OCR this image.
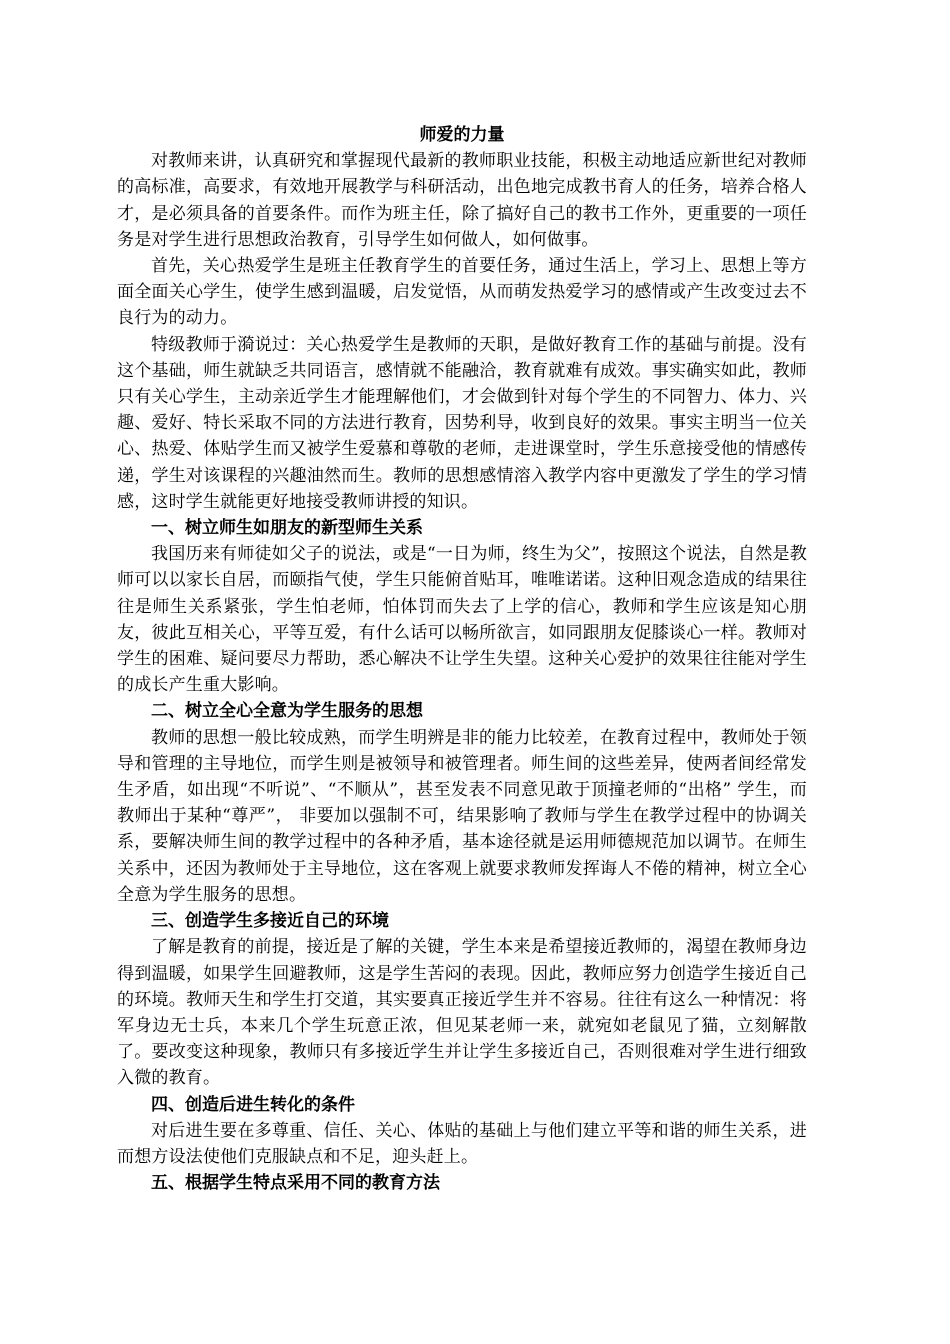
师爱的力量

对教师来讲，认真研究和掌握现代最新的教师职业技能，积极主动地适应新世纪对教师的高标准，高要求，有效地开展教学与科研活动，出色地完成教书育人的任务，培养合格人才，是必须具备的首要条件。而作为班主任，除了搞好自己的教书工作外，更重要的一项任务是对学生进行思想政治教育，引导学生如何做人，如何做事。

首先，关心热爱学生是班主任教育学生的首要任务，通过生活上，学习上、思想上等方面全面关心学生，使学生感到温暖，启发觉悟，从而萌发热爱学习的感情或产生改变过去不良行为的动力。

特级教师于漪说过：关心热爱学生是教师的天职，是做好教育工作的基础与前提。没有这个基础，师生就缺乏共同语言，感情就不能融洽，教育就难有成效。事实确实如此，教师只有关心学生，主动亲近学生才能理解他们，才会做到针对每个学生的不同智力、体力、兴趣、爱好、特长采取不同的方法进行教育，因势利导，收到良好的效果。事实主明当一位关心、热爱、体贴学生而又被学生爱慕和尊敬的老师，走进课堂时，学生乐意接受他的情感传递，学生对该课程的兴趣油然而生。教师的思想感情溶入教学内容中更激发了学生的学习情感，这时学生就能更好地接受教师讲授的知识。

一、树立师生如朋友的新型师生关系

我国历来有师徒如父子的说法，或是“一日为师，终生为父”，按照这个说法，自然是教师可以以家长自居，而颐指气使，学生只能俯首贴耳，唯唯诺诺。这种旧观念造成的结果往往是师生关系紧张，学生怕老师，怕体罚而失去了上学的信心，教师和学生应该是知心朋友，彼此互相关心，平等互爱，有什么话可以畅所欲言，如同跟朋友促膝谈心一样。教师对学生的困难、疑问要尽力帮助，悉心解决不让学生失望。这种关心爱护的效果往往能对学生的成长产生重大影响。

二、树立全心全意为学生服务的思想

教师的思想一般比较成熟，而学生明辨是非的能力比较差，在教育过程中，教师处于领导和管理的主导地位，而学生则是被领导和被管理者。师生间的这些差异，使两者间经常发生矛盾，如出现“不听说”、“不顺从”，甚至发表不同意见敢于顶撞老师的“出格” 学生，而教师出于某种“尊严”， 非要加以强制不可，结果影响了教师与学生在教学过程中的协调关系，要解决师生间的教学过程中的各种矛盾，基本途径就是运用师德规范加以调节。在师生关系中，还因为教师处于主导地位，这在客观上就要求教师发挥诲人不倦的精神，树立全心全意为学生服务的思想。

三、创造学生多接近自己的环境

了解是教育的前提，接近是了解的关键，学生本来是希望接近教师的，渴望在教师身边得到温暖，如果学生回避教师，这是学生苦闷的表现。因此，教师应努力创造学生接近自己的环境。教师天生和学生打交道，其实要真正接近学生并不容易。往往有这么一种情况：将军身边无士兵，本来几个学生玩意正浓，但见某老师一来，就宛如老鼠见了猫，立刻解散了。要改变这种现象，教师只有多接近学生并让学生多接近自己，否则很难对学生进行细致入微的教育。

四、创造后进生转化的条件

对后进生要在多尊重、信任、关心、体贴的基础上与他们建立平等和谐的师生关系，进而想方设法使他们克服缺点和不足，迎头赶上。

五、根据学生特点采用不同的教育方法
